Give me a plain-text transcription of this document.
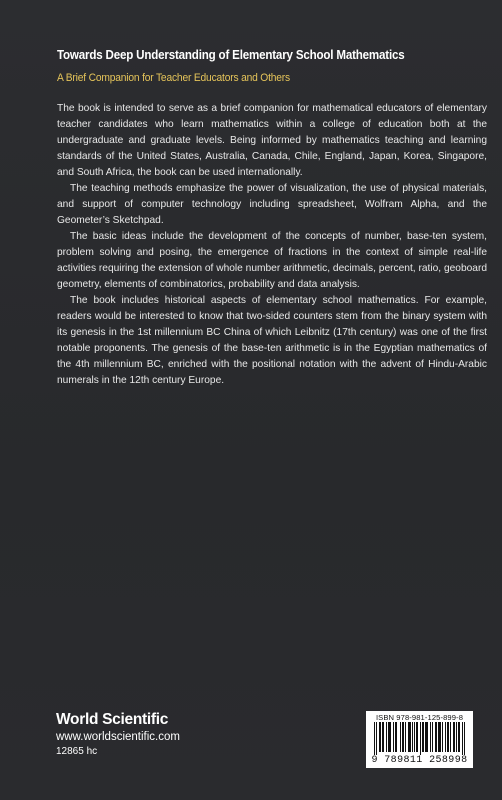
Towards Deep Understanding of Elementary School Mathematics
A Brief Companion for Teacher Educators and Others

The book is intended to serve as a brief companion for mathematical educators of elementary teacher candidates who learn mathematics within a college of education both at the undergraduate and graduate levels. Being informed by mathematics teaching and learning standards of the United States, Australia, Canada, Chile, England, Japan, Korea, Singapore, and South Africa, the book can be used internationally.

The teaching methods emphasize the power of visualization, the use of physical materials, and support of computer technology including spreadsheet, Wolfram Alpha, and the Geometer’s Sketchpad.

The basic ideas include the development of the concepts of number, base-ten system, problem solving and posing, the emergence of fractions in the context of simple real-life activities requiring the extension of whole number arithmetic, decimals, percent, ratio, geoboard geometry, elements of combinatorics, probability and data analysis.

The book includes historical aspects of elementary school mathematics. For example, readers would be interested to know that two-sided counters stem from the binary system with its genesis in the 1st millennium BC China of which Leibnitz (17th century) was one of the first notable proponents. The genesis of the base-ten arithmetic is in the Egyptian mathematics of the 4th millennium BC, enriched with the positional notation with the advent of Hindu-Arabic numerals in the 12th century Europe.

World Scientific
www.worldscientific.com
12865 hc
ISBN 978-981-125-899-8
9 789811 258998
